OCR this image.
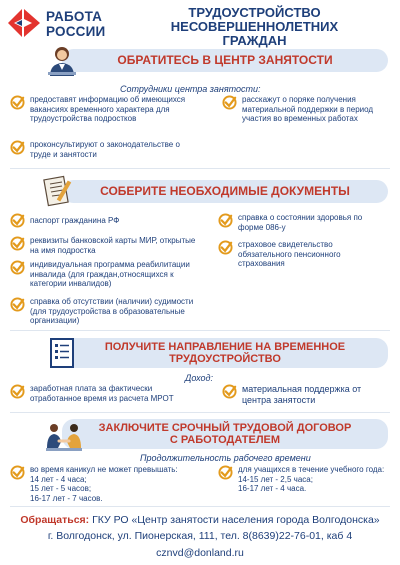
РАБОТА
РОССИИ
ТРУДОУСТРОЙСТВО
НЕСОВЕРШЕННОЛЕТНИХ
ГРАЖДАН
ОБРАТИТЕСЬ В ЦЕНТР ЗАНЯТОСТИ
Сотрудники центра занятости:
предоставят информацию об имеющихся вакансиях временного характера для трудоустройства подростков
расскажут о поряке получения материальной поддержки в период участия во временных работах
проконсультируют о законодательстве о труде и занятости
СОБЕРИТЕ НЕОБХОДИМЫЕ ДОКУМЕНТЫ
паспорт гражданина РФ
реквизиты банковской карты МИР, открытые на имя подростка
индивидуальная программа реабилитации инвалида (для граждан,относящихся к категории инвалидов)
справка об отсутствии (наличии) судимости (для трудоустройства в образовательные организации)
справка о состоянии здоровья по форме 086-у
страховое свидетельство обязательного пенсионного страхования
ПОЛУЧИТЕ НАПРАВЛЕНИЕ НА ВРЕМЕННОЕ
ТРУДОУСТРОЙСТВО
Доход:
заработная плата за фактически отработанное время из расчета МРОТ
материальная поддержка от центра занятости
ЗАКЛЮЧИТЕ СРОЧНЫЙ ТРУДОВОЙ ДОГОВОР
С РАБОТОДАТЕЛЕМ
Продолжительность рабочего времени
во время каникул не может превышать:
14 лет - 4 часа;
15 лет - 5 часов;
16-17 лет - 7 часов.
для учащихся в течение учебного года:
14-15 лет - 2,5 часа;
16-17 лет - 4 часа.
Обращаться: ГКУ РО «Центр занятости населения города Волгодонска»
г. Волгодонск, ул. Пионерская, 111, тел. 8(8639)22-76-01, каб 4
cznvd@donland.ru
